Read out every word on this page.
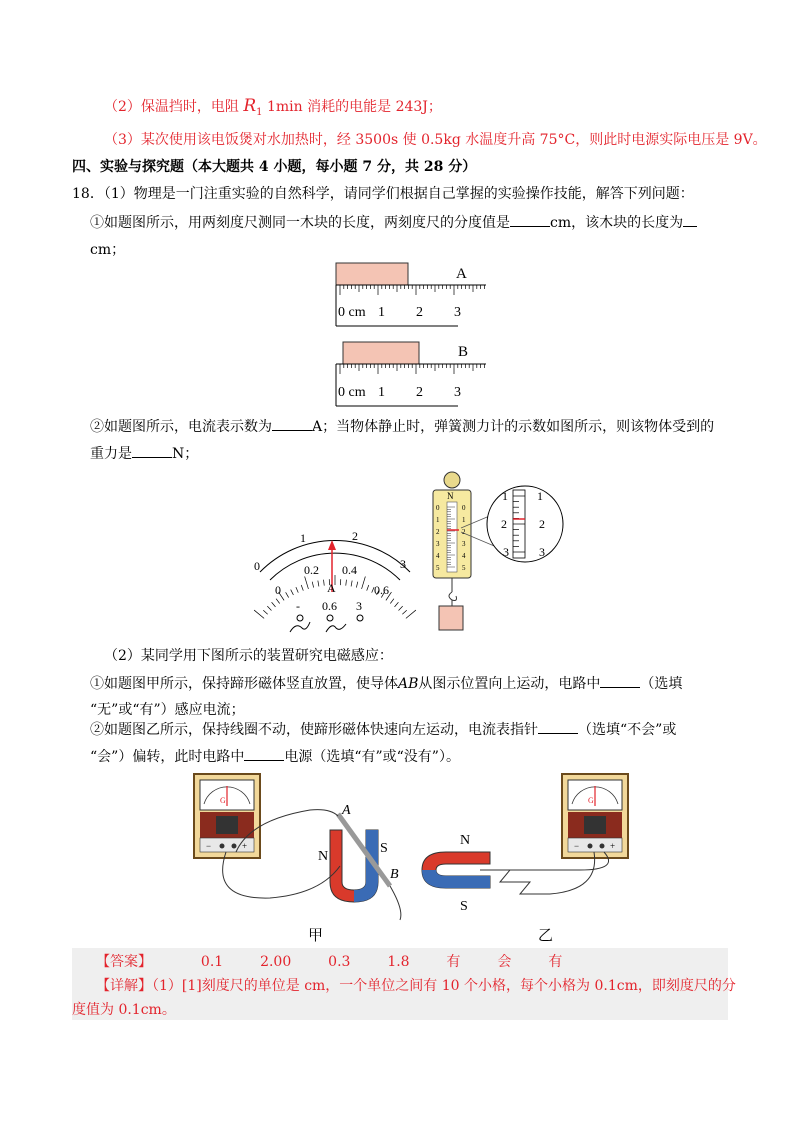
（2）保温挡时，电阻 $R_1$ 1min 消耗的电能是 243J；
（3）某次使用该电饭煲对水加热时，经 3500s 使 0.5kg 水温度升高 75°C，则此时电源实际电压是 9V。
四、实验与探究题（本大题共 4 小题，每小题 7 分，共 28 分）
18．（1）物理是一门注重实验的自然科学，请同学们根据自己掌握的实验操作技能，解答下列问题：
①如题图所示，用两刻度尺测同一木块的长度，两刻度尺的分度值是	cm，该木块的长度为
cm；
A
0 cm 1 2 3
B
0 cm 1 2 3
②如题图所示，电流表示数为	A；当物体静止时，弹簧测力计的示数如图所示，则该物体受到的
重力是	N；
0
1	2
3
0
0.2 0.4
0.6
A
- 0.6 3
N
0
1
2
3
4
5
0
1
2
3
4
5
1
2
3
1
2
3
（2）某同学用下图所示的装置研究电磁感应：
①如题图甲所示，保持蹄形磁体竖直放置，使导体AB从图示位置向上运动，电路中	（选填
“无”或“有”）感应电流；
②如题图乙所示，保持线圈不动，使蹄形磁体快速向左运动，电流表指针	（选填“不会”或
“会”）偏转，此时电路中	电源（选填“有”或“没有”）。
G
−	+
A
B
N
S
甲
G
−	+
N
S
乙
【答案】	0.1	2.00	0.3	1.8	有	会	有
【详解】（1）[1]刻度尺的单位是 cm，一个单位之间有 10 个小格，每个小格为 0.1cm，即刻度尺的分
度值为 0.1cm。
